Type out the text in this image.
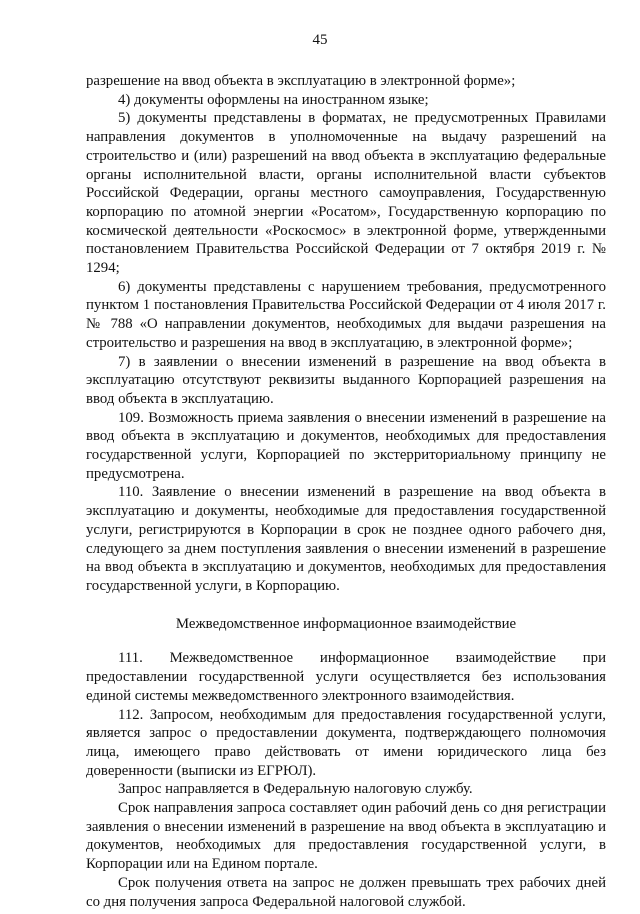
45

разрешение на ввод объекта в эксплуатацию в электронной форме»;

4) документы оформлены на иностранном языке;

5) документы представлены в форматах, не предусмотренных Правилами направления документов в уполномоченные на выдачу разрешений на строительство и (или) разрешений на ввод объекта в эксплуатацию федеральные органы исполнительной власти, органы исполнительной власти субъектов Российской Федерации, органы местного самоуправления, Государственную корпорацию по атомной энергии «Росатом», Государственную корпорацию по космической деятельности «Роскосмос» в электронной форме, утвержденными постановлением Правительства Российской Федерации от 7 октября 2019 г. № 1294;

6) документы представлены с нарушением требования, предусмотренного пунктом 1 постановления Правительства Российской Федерации от 4 июля 2017 г. № 788 «О направлении документов, необходимых для выдачи разрешения на строительство и разрешения на ввод в эксплуатацию, в электронной форме»;

7) в заявлении о внесении изменений в разрешение на ввод объекта в эксплуатацию отсутствуют реквизиты выданного Корпорацией разрешения на ввод объекта в эксплуатацию.

109. Возможность приема заявления о внесении изменений в разрешение на ввод объекта в эксплуатацию и документов, необходимых для предоставления государственной услуги, Корпорацией по экстерриториальному принципу не предусмотрена.

110. Заявление о внесении изменений в разрешение на ввод объекта в эксплуатацию и документы, необходимые для предоставления государственной услуги, регистрируются в Корпорации в срок не позднее одного рабочего дня, следующего за днем поступления заявления о внесении изменений в разрешение на ввод объекта в эксплуатацию и документов, необходимых для предоставления государственной услуги, в Корпорацию.

Межведомственное информационное взаимодействие

111. Межведомственное информационное взаимодействие при предоставлении государственной услуги осуществляется без использования единой системы межведомственного электронного взаимодействия.

112. Запросом, необходимым для предоставления государственной услуги, является запрос о предоставлении документа, подтверждающего полномочия лица, имеющего право действовать от имени юридического лица без доверенности (выписки из ЕГРЮЛ).

Запрос направляется в Федеральную налоговую службу.

Срок направления запроса составляет один рабочий день со дня регистрации заявления о внесении изменений в разрешение на ввод объекта в эксплуатацию и документов, необходимых для предоставления государственной услуги, в Корпорации или на Едином портале.

Срок получения ответа на запрос не должен превышать трех рабочих дней со дня получения запроса Федеральной налоговой службой.
